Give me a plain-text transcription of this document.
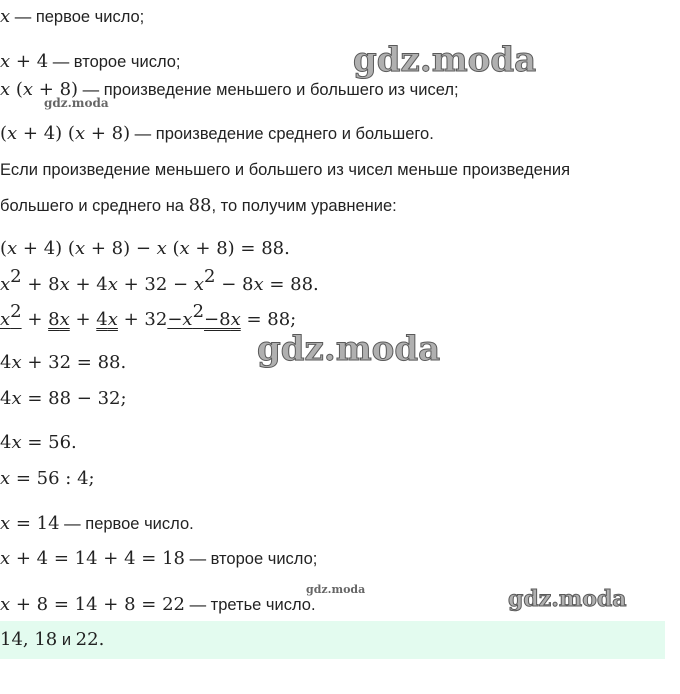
x — первое число;
x + 4 — второе число;
x (x + 8) — произведение меньшего и большего из чисел;
(x + 4) (x + 8) — произведение среднего и большего.
Если произведение меньшего и большего из чисел меньше произведения
большего и среднего на 88, то получим уравнение:
(x + 4) (x + 8) − x (x + 8) = 88.
$x^2 + 8x + 4x + 32 - x^2 - 8x = 88$.
$x^2 + 8x + 4x + 32-x^2-8x = 88$;
4x + 32 = 88.
4x = 88 − 32;
4x = 56.
x = 56 : 4;
x = 14 — первое число.
x + 4 = 14 + 4 = 18 — второе число;
x + 8 = 14 + 8 = 22 — третье число.
14, 18 и 22.
gdz.moda
gdz.moda
gdz.moda
gdz.moda	gdz.moda
